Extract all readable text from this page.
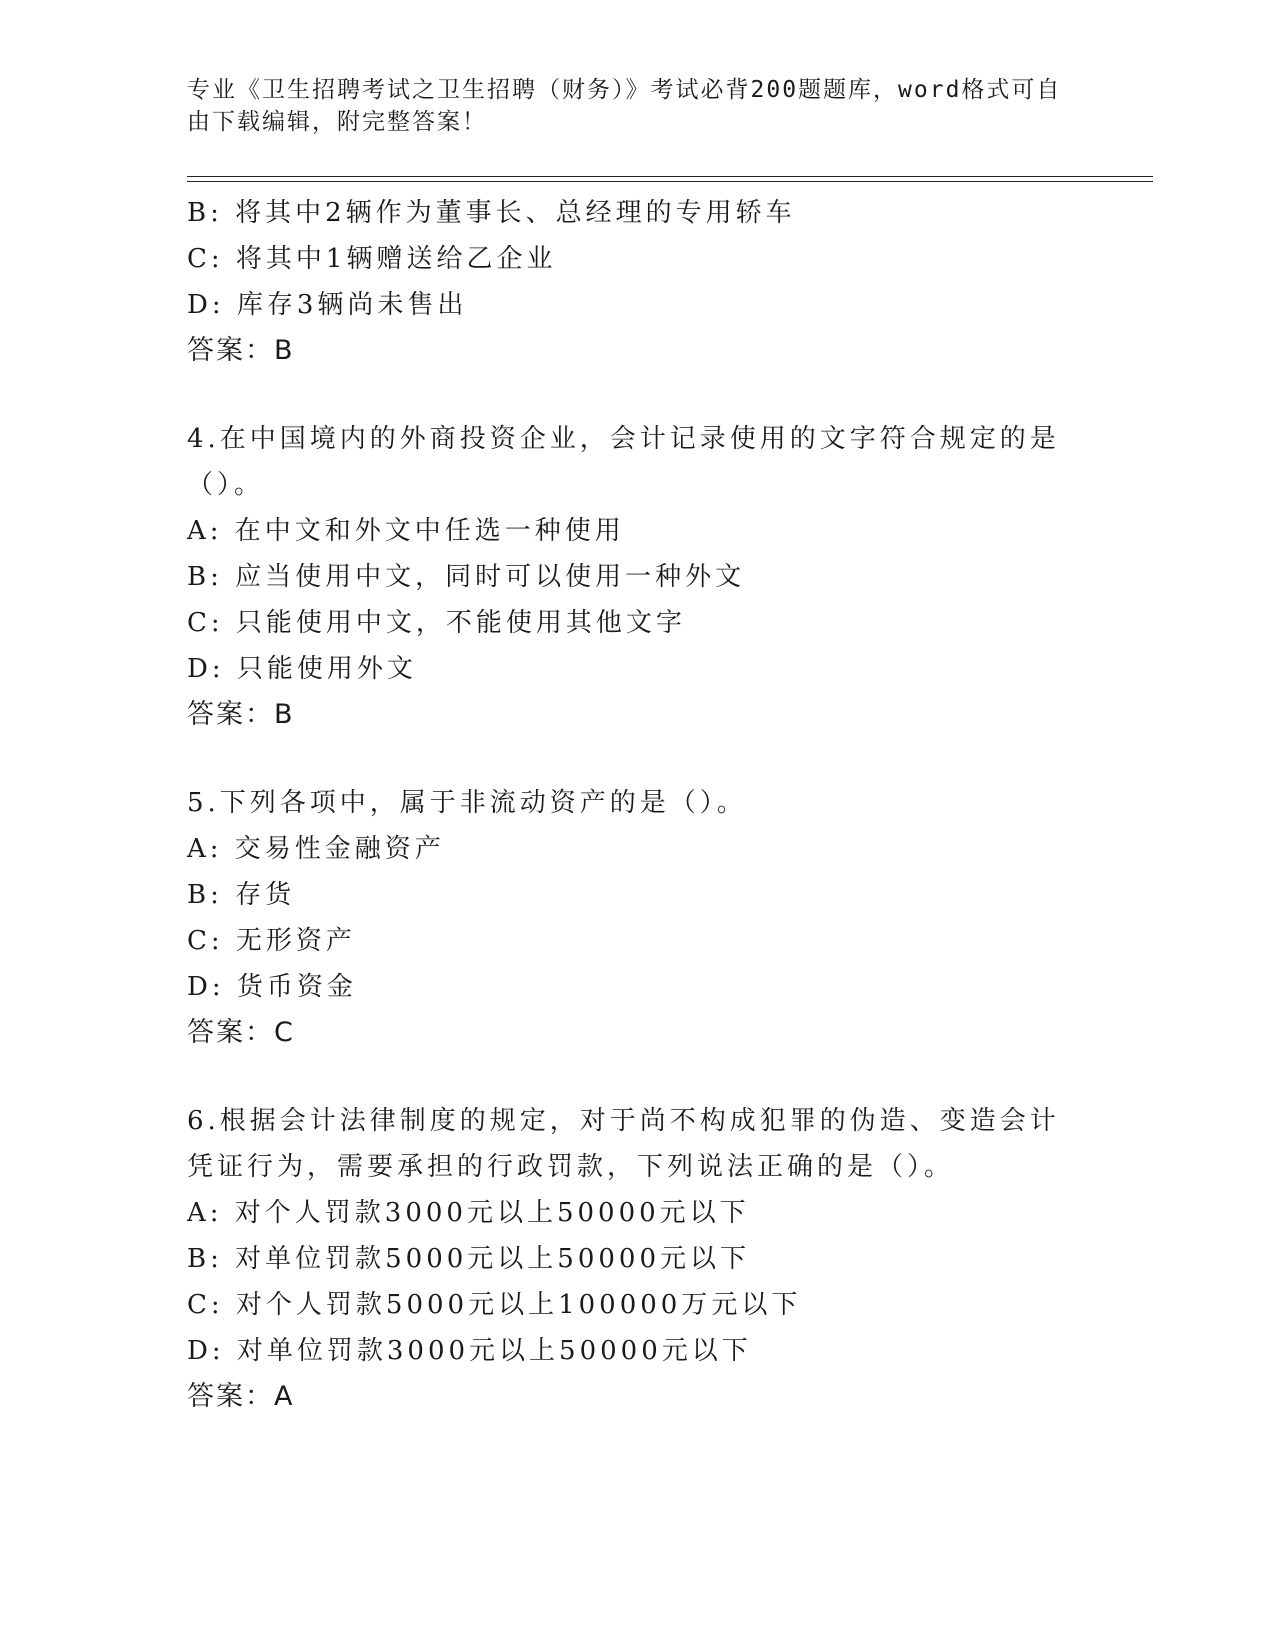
专业《卫生招聘考试之卫生招聘（财务）》考试必背200题题库，word格式可自由下载编辑，附完整答案！
B: 将其中2辆作为董事长、总经理的专用轿车
C: 将其中1辆赠送给乙企业
D: 库存3辆尚未售出
答案：B
4.在中国境内的外商投资企业，会计记录使用的文字符合规定的是（）。
A: 在中文和外文中任选一种使用
B: 应当使用中文，同时可以使用一种外文
C: 只能使用中文，不能使用其他文字
D: 只能使用外文
答案：B
5.下列各项中，属于非流动资产的是（）。
A: 交易性金融资产
B: 存货
C: 无形资产
D: 货币资金
答案：C
6.根据会计法律制度的规定，对于尚不构成犯罪的伪造、变造会计凭证行为，需要承担的行政罚款，下列说法正确的是（）。
A: 对个人罚款3000元以上50000元以下
B: 对单位罚款5000元以上50000元以下
C: 对个人罚款5000元以上100000万元以下
D: 对单位罚款3000元以上50000元以下
答案：A
